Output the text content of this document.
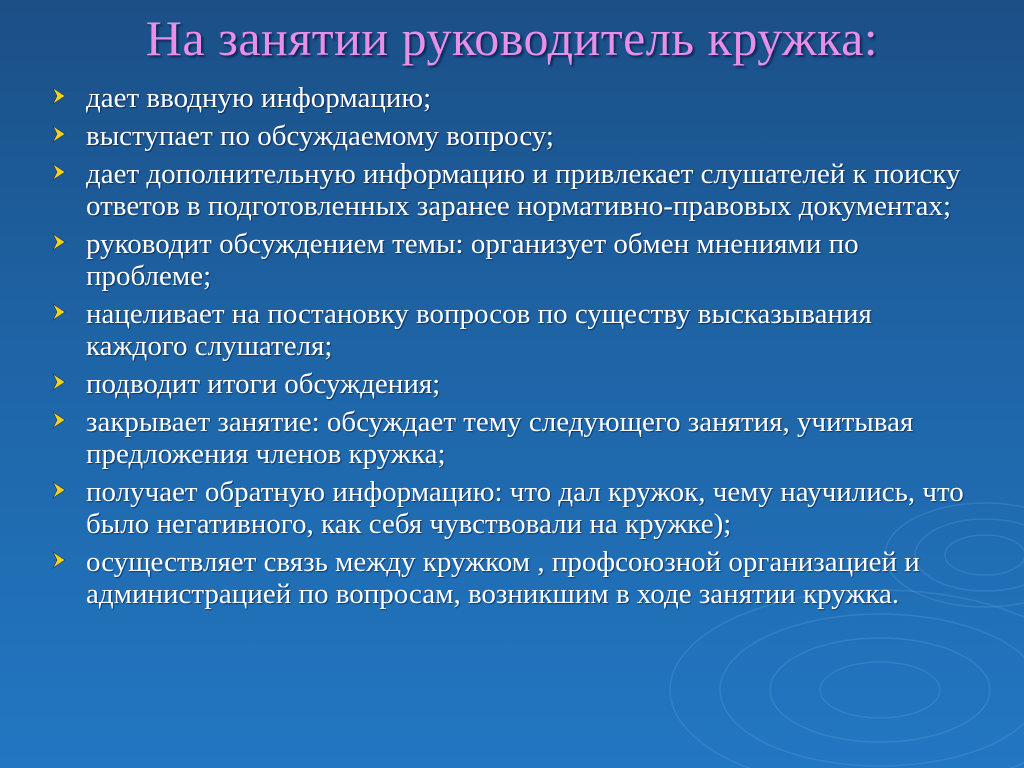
На занятии руководитель кружка:
дает вводную информацию;
выступает по обсуждаемому вопросу;
дает дополнительную информацию и привлекает слушателей к поиску ответов в подготовленных заранее нормативно-правовых документах;
руководит обсуждением темы: организует обмен мнениями по проблеме;
нацеливает на постановку вопросов по существу высказывания каждого слушателя;
подводит итоги обсуждения;
закрывает занятие: обсуждает тему следующего занятия, учитывая предложения членов кружка;
получает обратную информацию: что дал кружок, чему научились, что было негативного, как себя чувствовали на кружке);
осуществляет связь между кружком , профсоюзной организацией и администрацией по вопросам, возникшим в ходе занятии кружка.
